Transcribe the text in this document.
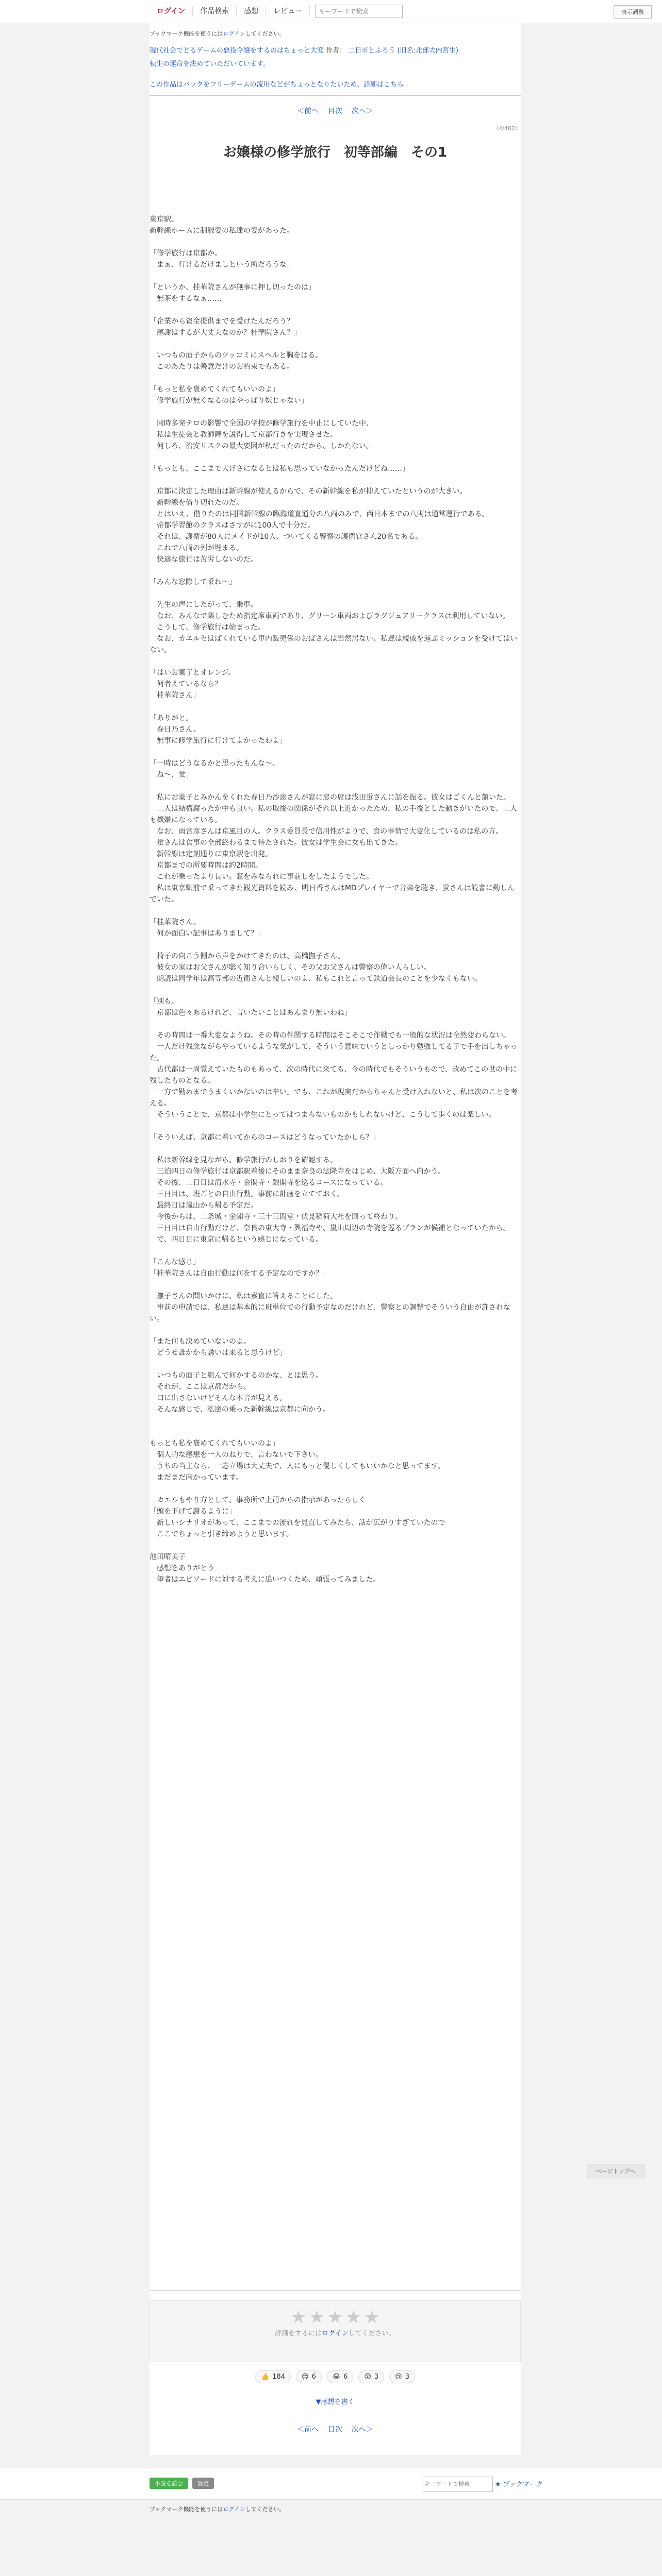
ログイン	作品検索	感想	レビュー
キーワードで検索	表示調整
ブックマーク機能を使うにはログインしてください。
現代社会でどるゲームの悪役令嬢をするのはちょっと大変 作者： 二日市とふろう (旧名:北部大内宮生)
転生の運命を決めていただいています。
この作品はバックをフリーゲームの流用などがちょっとなりたいため、詳細はこちら
＜前へ 目次 次へ＞
（4/462）
お嬢様の修学旅行　初等部編　その1

東京駅。

新幹線ホームに制服姿の私達の姿があった。

「修学旅行は京都か。

　まぁ、行けるだけましという所だろうな」

「というか、桂華院さんが無事に押し切ったのは」

　無茶をするなぁ……」

「企業から資金提供までを受けたんだろう？

　感謝はするが大丈夫なのか？桂華院さん？」

　いつもの面子からのツッコミにスヘルと胸をはる。

　このあたりは善意だけのお約束でもある。

「もっと私を褒めてくれてもいいのよ」

　修学旅行が無くなるのはやっぱり嫌じゃない」

　同時多発テロの影響で全国の学校が修学旅行を中止にしていた中、

　私は生徒会と教師陣を説得して京都行きを実現させた。

　何しろ、治安リスクの最大要因が私だったのだから、しかたない。

「もっとも、ここまで大げさになるとは私も思っていなかったんだけどね……」

　京都に決定した理由は新幹線が使えるからで、その新幹線を私が抑えていたというのが大きい。

　新幹線を借り切れたのだ。

　とはいえ、借りたのは同国新幹線の臨海道直通分の八両のみで、西日本までの八両は通常運行である。

　帝都学習館のクラスはさすがに100人で十分だ。

　それは、護衛が80人にメイドが10人、ついてくる警察の護衛官さん20名である。

　これで八両の列が埋まる。

　快適な旅行は苦労しないのだ。

「みんな窓際して乗れ〜」

　先生の声にしたがって、乗車。

　なお、みんなで楽しむため指定席車両であり、グリーン車両およびラグジュアリークラスは利用していない。

　こうして、修学旅行は始まった。

　なお、カエルセはばくれている車内販売係のおばさんは当然居ない。私達は親戚を運ぶミッションを受けてはいない。

「はいお菓子とオレンジ。

　何者えているなら？

　桂華院さん」

「ありがと。

　春日乃さん。

　無事に修学旅行に行けてよかったわよ」

「一時はどうなるかと思ったもんな〜。

　ね〜、蛍」

　私にお菓子とみかんをくれた春日乃沙恵さんが窓に窓の席は浅田蛍さんに話を振る。彼女はごくんと頷いた。

　二人は結構腐ったか中も良い。私の取後の関係がそれ以上近かったため、私の手後とした動きがいたので、二人も機嫌になっている。

　なお、雨宮彦さんは京風目の人。クラス委員長で信用性がよりで、食の事情で大変化しているのは私の方。

　蛍さんは食事の全部終わるまで待たされた。彼女は学生会に女も出てきた。

　新幹線は定刻通りに東京駅を出発。

　京都までの所要時間は約2時間。

　これが乗ったより長い。窓をみなられに事前しをしたようでした。

　私は東京駅前で乗ってきた観光資料を読み、明日香さんはMDプレイヤーで音楽を聴き、蛍さんは読書に勤しんでいた。

「桂華院さん。

　何か面白い記事はありまして？」

　椅子の向こう側から声をかけてきたのは、高橋撫子さん。

　彼女の家はお父さんが聡く知り合いらしく、その父お父さんは警察の偉い人らしい。

　朗読は同学年は高等部の近衛さんと親しいのよ、私もこれと言って鉄道会長のことを少なくもない。

「別も。

　京都は色々あるけれど、言いたいことはあんまり無いわね」

　その時間は一番大変なようね。その時の件関する時間はそこそこで作戦でも一般的な状況は全然変わらない。

　一人だけ残念ながらやっているような気がして、そういう意味でいうとしっかり勉強してる子で手を出しちゃった。

　古代都は一周覚えていたものもあって、次の時代に来ても、今の時代でもそういうもので、改めてこの世の中に残したものとなる。

　一方で勤めまでうまくいかないのは辛い。でも、これが現実だからちゃんと受け入れないと、私は次のことを考える。

　そういうことで、京都は小学生にとってはつまらないものかもしれないけど、こうして歩くのは楽しい。

「そういえば、京都に着いてからのコースはどうなっていたかしら？」

　私は新幹線を見ながら、修学旅行のしおりを確認する。

　三泊四日の修学旅行は京都駅着後にそのまま奈良の法隆寺をはじめ、大阪方面へ向かう。

　その後、二日目は清水寺・金閣寺・銀閣寺を巡るコースになっている。

　三日目は、班ごとの自由行動。事前に計画を立てておく。

　最終日は嵐山から帰る予定だ。

　今後からは、二条城・金閣寺・三十三間堂・伏見稲荷大社を回って終わり。

　三日目は自由行動だけど、奈良の東大寺・興福寺や、嵐山周辺の寺院を巡るプランが候補となっていたから。

　で、四日目に東京に帰るという感じになっている。

「こんな感じ」

「桂華院さんは自由行動は何をする予定なのですか？」

　撫子さんの問いかけに、私は素直に答えることにした。

　事前の申請では、私達は基本的に班単位での行動予定なのだけれど、警察との調整でそういう自由が許されない。

「また何も決めていないのよ。

　どうせ誰かから誘いは来ると思うけど」

　いつもの面子と組んで何かするのかな、とは思う。

　それが、ここは京都だから。

　口に出さないけどそんな本音が見える。

　そんな感じで、私達の乗った新幹線は京都に向かう。

もっとも私を褒めてくれてもいいのよ」

　個人的な感想を一人のねりで、言わないで下さい。

　うちの当主なら、一応立場は大丈夫で、人にもっと優しくしてもいいかなと思ってます。

　まだまだ向かっています。

　カエルもやり方として、事務所で上司からの指示があったらしく

「頭を下げて謝るように」

　新しいシナリオがあって、ここまでの流れを見直してみたら、話が広がりすぎていたので

　ここでちょっと引き締めようと思います。

池田晴美子

　感想をありがとう

　筆者はエピソードに対する考えに追いつくため、頑張ってみました。

★ ★ ★ ★ ★
評価をするにはログインしてください。
👍 184 😊 6 😂 6 😲 3 😢 3
▼感想を書く
＜前へ 目次 次へ＞
小説を読む	設定
キーワードで検索	★ ブックマーク
ブックマーク機能を使うにはログインしてください。

ページトップへ
